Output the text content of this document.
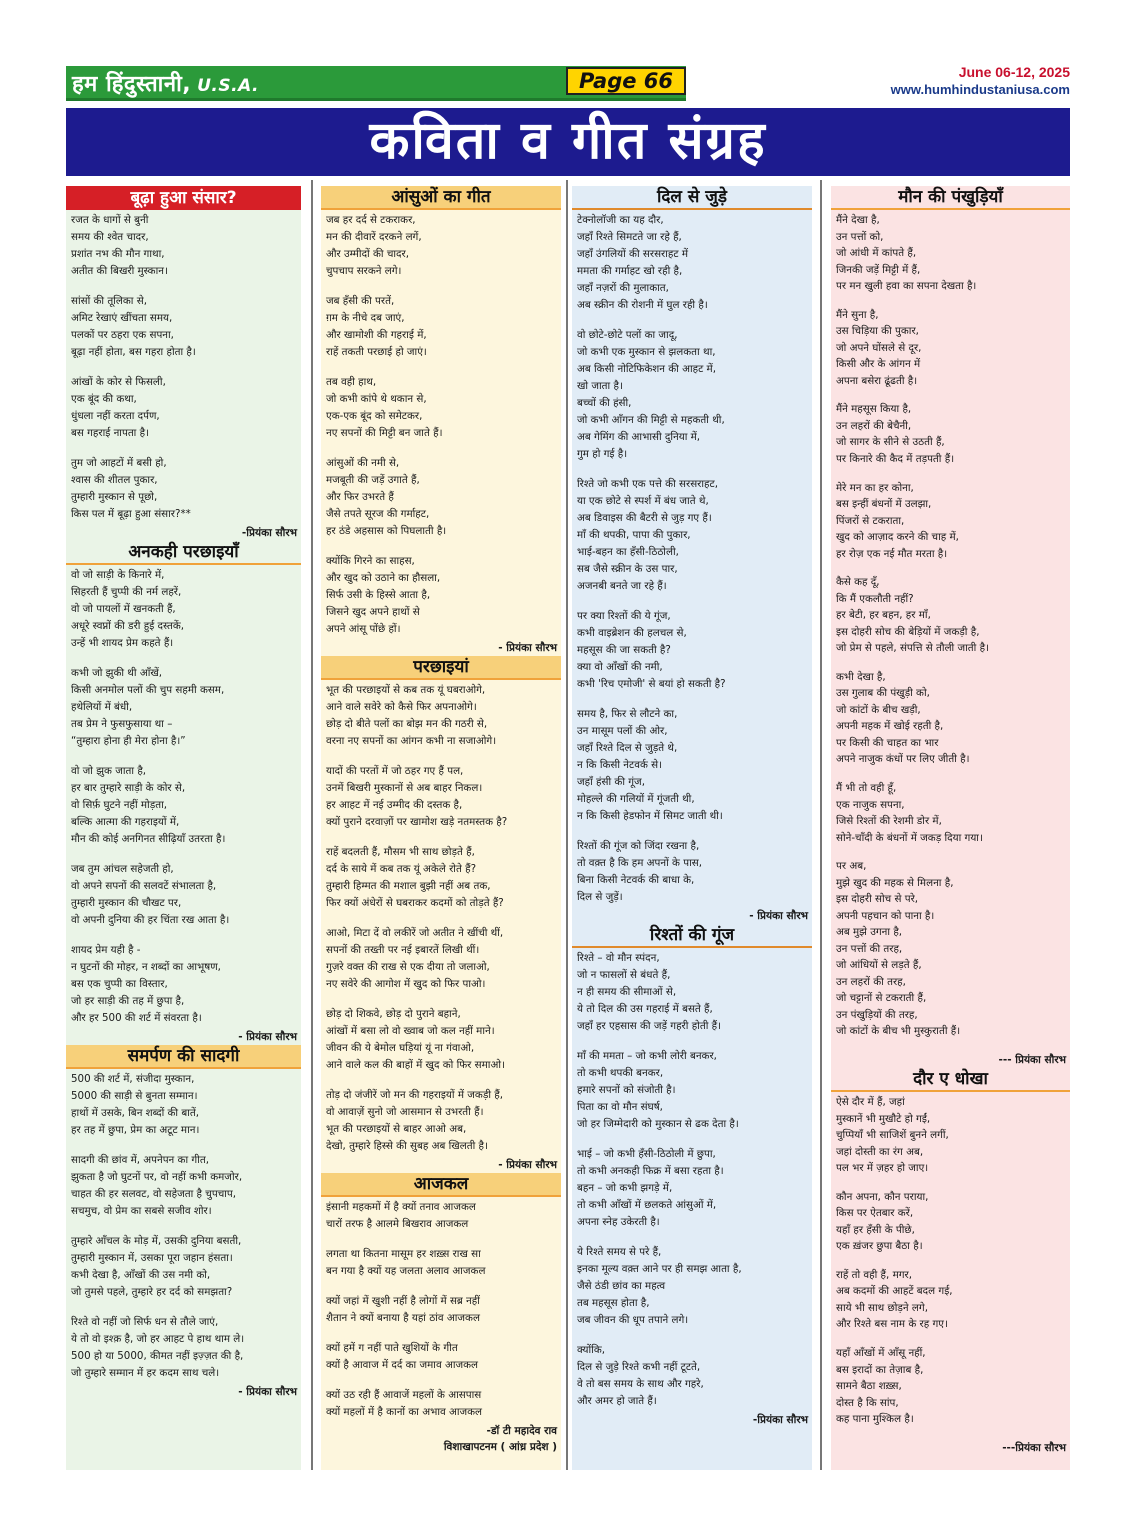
हम हिंदुस्तानी, U.S.A.	Page 66	June 06-12, 2025
www.humhindustaniusa.com
कविता व गीत संग्रह
बूढ़ा हुआ संसार?
रजत के धागों से बुनी
समय की श्वेत चादर,
प्रशांत नभ की मौन गाथा,
अतीत की बिखरी मुस्कान।
सांसों की तूलिका से,
अमिट रेखाएं खींचता समय,
पलकों पर ठहरा एक सपना,
बूढ़ा नहीं होता, बस गहरा होता है।
आंखों के कोर से फिसली,
एक बूंद की कथा,
धुंधला नहीं करता दर्पण,
बस गहराई नापता है।
तुम जो आहटों में बसी हो,
श्वास की शीतल पुकार,
तुम्हारी मुस्कान से पूछो,
किस पल में बूढ़ा हुआ संसार?**
-प्रियंका सौरभ
अनकही परछाइयाँ
वो जो साड़ी के किनारे में,
सिहरती हैं चुप्पी की नर्म लहरें,
वो जो पायलों में खनकती हैं,
अधूरे स्वप्नों की डरी हुई दस्तकें,
उन्हें भी शायद प्रेम कहते हैं।
कभी जो झुकी थी आँखें,
किसी अनमोल पलों की चुप सहमी कसम,
हथेलियों में बंधी,
तब प्रेम ने फुसफुसाया था –
“तुम्हारा होना ही मेरा होना है।”
वो जो झुक जाता है,
हर बार तुम्हारे साड़ी के कोर से,
वो सिर्फ़ घुटने नहीं मोड़ता,
बल्कि आत्मा की गहराइयों में,
मौन की कोई अनगिनत सीढ़ियाँ उतरता है।
जब तुम आंचल सहेजती हो,
वो अपने सपनों की सलवटें संभालता है,
तुम्हारी मुस्कान की चौखट पर,
वो अपनी दुनिया की हर चिंता रख आता है।
शायद प्रेम यही है -
न घुटनों की मोहर, न शब्दों का आभूषण,
बस एक चुप्पी का विस्तार,
जो हर साड़ी की तह में छुपा है,
और हर 500 की शर्ट में संवरता है।
- प्रियंका सौरभ
समर्पण की सादगी
500 की शर्ट में, संजीदा मुस्कान,
5000 की साड़ी से बुनता सम्मान।
हाथों में उसके, बिन शब्दों की बातें,
हर तह में छुपा, प्रेम का अटूट मान।
सादगी की छांव में, अपनेपन का गीत,
झुकता है जो घुटनों पर, वो नहीं कभी कमजोर,
चाहत की हर सलवट, वो सहेजता है चुपचाप,
सचमुच, वो प्रेम का सबसे सजीव शोर।
तुम्हारे आँचल के मोड़ में, उसकी दुनिया बसती,
तुम्हारी मुस्कान में, उसका पूरा जहान हंसता।
कभी देखा है, आँखों की उस नमी को,
जो तुमसे पहले, तुम्हारे हर दर्द को समझता?
रिश्ते वो नहीं जो सिर्फ धन से तौले जाएं,
ये तो वो इश्क़ है, जो हर आहट पे हाथ थाम ले।
500 हो या 5000, कीमत नहीं इज़्ज़त की है,
जो तुम्हारे सम्मान में हर कदम साथ चले।
- प्रियंका सौरभ
आंसुओं का गीत
जब हर दर्द से टकराकर,
मन की दीवारें दरकने लगें,
और उम्मीदों की चादर,
चुपचाप सरकने लगे।
जब हँसी की परतें,
ग़म के नीचे दब जाएं,
और खामोशी की गहराई में,
राहें तकती परछाई हो जाएं।
तब वही हाथ,
जो कभी कांपे थे थकान से,
एक-एक बूंद को समेटकर,
नए सपनों की मिट्टी बन जाते हैं।
आंसुओं की नमी से,
मजबूती की जड़ें उगाते हैं,
और फिर उभरते हैं
जैसे तपते सूरज की गर्माहट,
हर ठंडे अहसास को पिघलाती है।
क्योंकि गिरने का साहस,
और खुद को उठाने का हौसला,
सिर्फ उसी के हिस्से आता है,
जिसने खुद अपने हाथों से
अपने आंसू पोंछे हों।
- प्रियंका सौरभ
परछाइयां
भूत की परछाइयों से कब तक यूं घबराओगे,
आने वाले सवेरे को कैसे फिर अपनाओगे।
छोड़ दो बीते पलों का बोझ मन की गठरी से,
वरना नए सपनों का आंगन कभी ना सजाओगे।
यादों की परतों में जो ठहर गए हैं पल,
उनमें बिखरी मुस्कानों से अब बाहर निकल।
हर आहट में नई उम्मीद की दस्तक है,
क्यों पुराने दरवाज़ों पर खामोश खड़े नतमस्तक है?
राहें बदलती हैं, मौसम भी साथ छोड़ते हैं,
दर्द के साये में कब तक यूं अकेले रोते हैं?
तुम्हारी हिम्मत की मशाल बुझी नहीं अब तक,
फिर क्यों अंधेरों से घबराकर कदमों को तोड़ते हैं?
आओ, मिटा दें वो लकीरें जो अतीत ने खींची थीं,
सपनों की तख्ती पर नई इबारतें लिखी थीं।
गुज़रे वक्त की राख से एक दीया तो जलाओ,
नए सवेरे की आगोश में खुद को फिर पाओ।
छोड़ दो शिकवे, छोड़ दो पुराने बहाने,
आंखों में बसा लो वो ख्वाब जो कल नहीं माने।
जीवन की ये बेमोल घड़ियां यूं ना गंवाओ,
आने वाले कल की बाहों में खुद को फिर समाओ।
तोड़ दो जंजीरें जो मन की गहराइयों में जकड़ी हैं,
वो आवाज़ें सुनो जो आसमान से उभरती हैं।
भूत की परछाइयों से बाहर आओ अब,
देखो, तुम्हारे हिस्से की सुबह अब खिलती है।
- प्रियंका सौरभ
आजकल
इंसानी महकमों में है क्यों तनाव आजकल
चारों तरफ है आलमे बिखराव आजकल
लगता था कितना मासूम हर शख़्स राख सा
बन गया है क्यों यह जलता अलाव आजकल
क्यों जहां में खुशी नहीं है लोगों में सब्र नहीं
शैतान ने क्यों बनाया है यहां ठांव आजकल
क्यों हमें ग नहीं पाते खुशियों के गीत
क्यों है आवाज में दर्द का जमाव आजकल
क्यों उठ रही हैं आवाजें महलों के आसपास
क्यों महलों में है कानों का अभाव आजकल
-डॉ टी महादेव राव
विशाखापटनम ( आंध्र प्रदेश )
दिल से जुड़े
टेक्नोलॉजी का यह दौर,
जहाँ रिश्ते सिमटते जा रहे हैं,
जहाँ उंगलियों की सरसराहट में
ममता की गर्माहट खो रही है,
जहाँ नज़रों की मुलाकात,
अब स्क्रीन की रोशनी में घुल रही है।
वो छोटे-छोटे पलों का जादू,
जो कभी एक मुस्कान से झलकता था,
अब किसी नोटिफिकेशन की आहट में,
खो जाता है।
बच्चों की हंसी,
जो कभी आँगन की मिट्टी से महकती थी,
अब गेमिंग की आभासी दुनिया में,
गुम हो गई है।
रिश्ते जो कभी एक पत्ते की सरसराहट,
या एक छोटे से स्पर्श में बंध जाते थे,
अब डिवाइस की बैटरी से जुड़ गए हैं।
माँ की थपकी, पापा की पुकार,
भाई-बहन का हँसी-ठिठोली,
सब जैसे स्क्रीन के उस पार,
अजनबी बनते जा रहे हैं।
पर क्या रिश्तों की ये गूंज,
कभी वाइब्रेशन की हलचल से,
महसूस की जा सकती है?
क्या वो आँखों की नमी,
कभी 'रिच एमोजी' से बयां हो सकती है?
समय है, फिर से लौटने का,
उन मासूम पलों की ओर,
जहाँ रिश्ते दिल से जुड़ते थे,
न कि किसी नेटवर्क से।
जहाँ हंसी की गूंज,
मोहल्ले की गलियों में गूंजती थी,
न कि किसी हेडफोन में सिमट जाती थी।
रिश्तों की गूंज को जिंदा रखना है,
तो वक़्त है कि हम अपनों के पास,
बिना किसी नेटवर्क की बाधा के,
दिल से जुड़ें।
- प्रियंका सौरभ
रिश्तों की गूंज
रिश्ते – वो मौन स्पंदन,
जो न फासलों से बंधते हैं,
न ही समय की सीमाओं से,
ये तो दिल की उस गहराई में बसते हैं,
जहाँ हर एहसास की जड़ें गहरी होती हैं।
माँ की ममता – जो कभी लोरी बनकर,
तो कभी थपकी बनकर,
हमारे सपनों को संजोती है।
पिता का वो मौन संघर्ष,
जो हर जिम्मेदारी को मुस्कान से ढक देता है।
भाई – जो कभी हँसी-ठिठोली में छुपा,
तो कभी अनकही फिक्र में बसा रहता है।
बहन – जो कभी झगड़े में,
तो कभी आँखों में छलकते आंसुओं में,
अपना स्नेह उकेरती है।
ये रिश्ते समय से परे हैं,
इनका मूल्य वक़्त आने पर ही समझ आता है,
जैसे ठंडी छांव का महत्व
तब महसूस होता है,
जब जीवन की धूप तपाने लगे।
क्योंकि,
दिल से जुड़े रिश्ते कभी नहीं टूटते,
वे तो बस समय के साथ और गहरे,
और अमर हो जाते हैं।
-प्रियंका सौरभ
मौन की पंखुड़ियाँ
मैंने देखा है,
उन पत्तों को,
जो आंधी में कांपते हैं,
जिनकी जड़ें मिट्टी में हैं,
पर मन खुली हवा का सपना देखता है।
मैंने सुना है,
उस चिड़िया की पुकार,
जो अपने घोंसले से दूर,
किसी और के आंगन में
अपना बसेरा ढूंढती है।
मैंने महसूस किया है,
उन लहरों की बेचैनी,
जो सागर के सीने से उठती हैं,
पर किनारे की कैद में तड़पती हैं।
मेरे मन का हर कोना,
बस इन्हीं बंधनों में उलझा,
पिंजरों से टकराता,
खुद को आज़ाद करने की चाह में,
हर रोज़ एक नई मौत मरता है।
कैसे कह दूँ,
कि मैं एकलौती नहीं?
हर बेटी, हर बहन, हर माँ,
इस दोहरी सोच की बेड़ियों में जकड़ी है,
जो प्रेम से पहले, संपत्ति से तौली जाती है।
कभी देखा है,
उस गुलाब की पंखुड़ी को,
जो कांटों के बीच खड़ी,
अपनी महक में खोई रहती है,
पर किसी की चाहत का भार
अपने नाजुक कंधों पर लिए जीती है।
मैं भी तो वही हूँ,
एक नाजुक सपना,
जिसे रिश्तों की रेशमी डोर में,
सोने-चाँदी के बंधनों में जकड़ दिया गया।
पर अब,
मुझे खुद की महक से मिलना है,
इस दोहरी सोच से परे,
अपनी पहचान को पाना है।
अब मुझे उगना है,
उन पत्तों की तरह,
जो आंधियों से लड़ते हैं,
उन लहरों की तरह,
जो चट्टानों से टकराती हैं,
उन पंखुड़ियों की तरह,
जो कांटों के बीच भी मुस्कुराती हैं।
--- प्रियंका सौरभ
दौर ए धोखा
ऐसे दौर में हैं, जहां
मुस्कानें भी मुखौटे हो गईं,
चुप्पियाँ भी साजिशें बुनने लगीं,
जहां दोस्ती का रंग अब,
पल भर में ज़हर हो जाए।
कौन अपना, कौन पराया,
किस पर ऐतबार करें,
यहाँ हर हँसी के पीछे,
एक ख़ंजर छुपा बैठा है।
राहें तो वही हैं, मगर,
अब कदमों की आहटें बदल गई,
साये भी साथ छोड़ने लगे,
और रिश्ते बस नाम के रह गए।
यहाँ आँखों में आँसू नहीं,
बस इरादों का तेज़ाब है,
सामने बैठा शख़्स,
दोस्त है कि सांप,
कह पाना मुश्किल है।
---प्रियंका सौरभ
